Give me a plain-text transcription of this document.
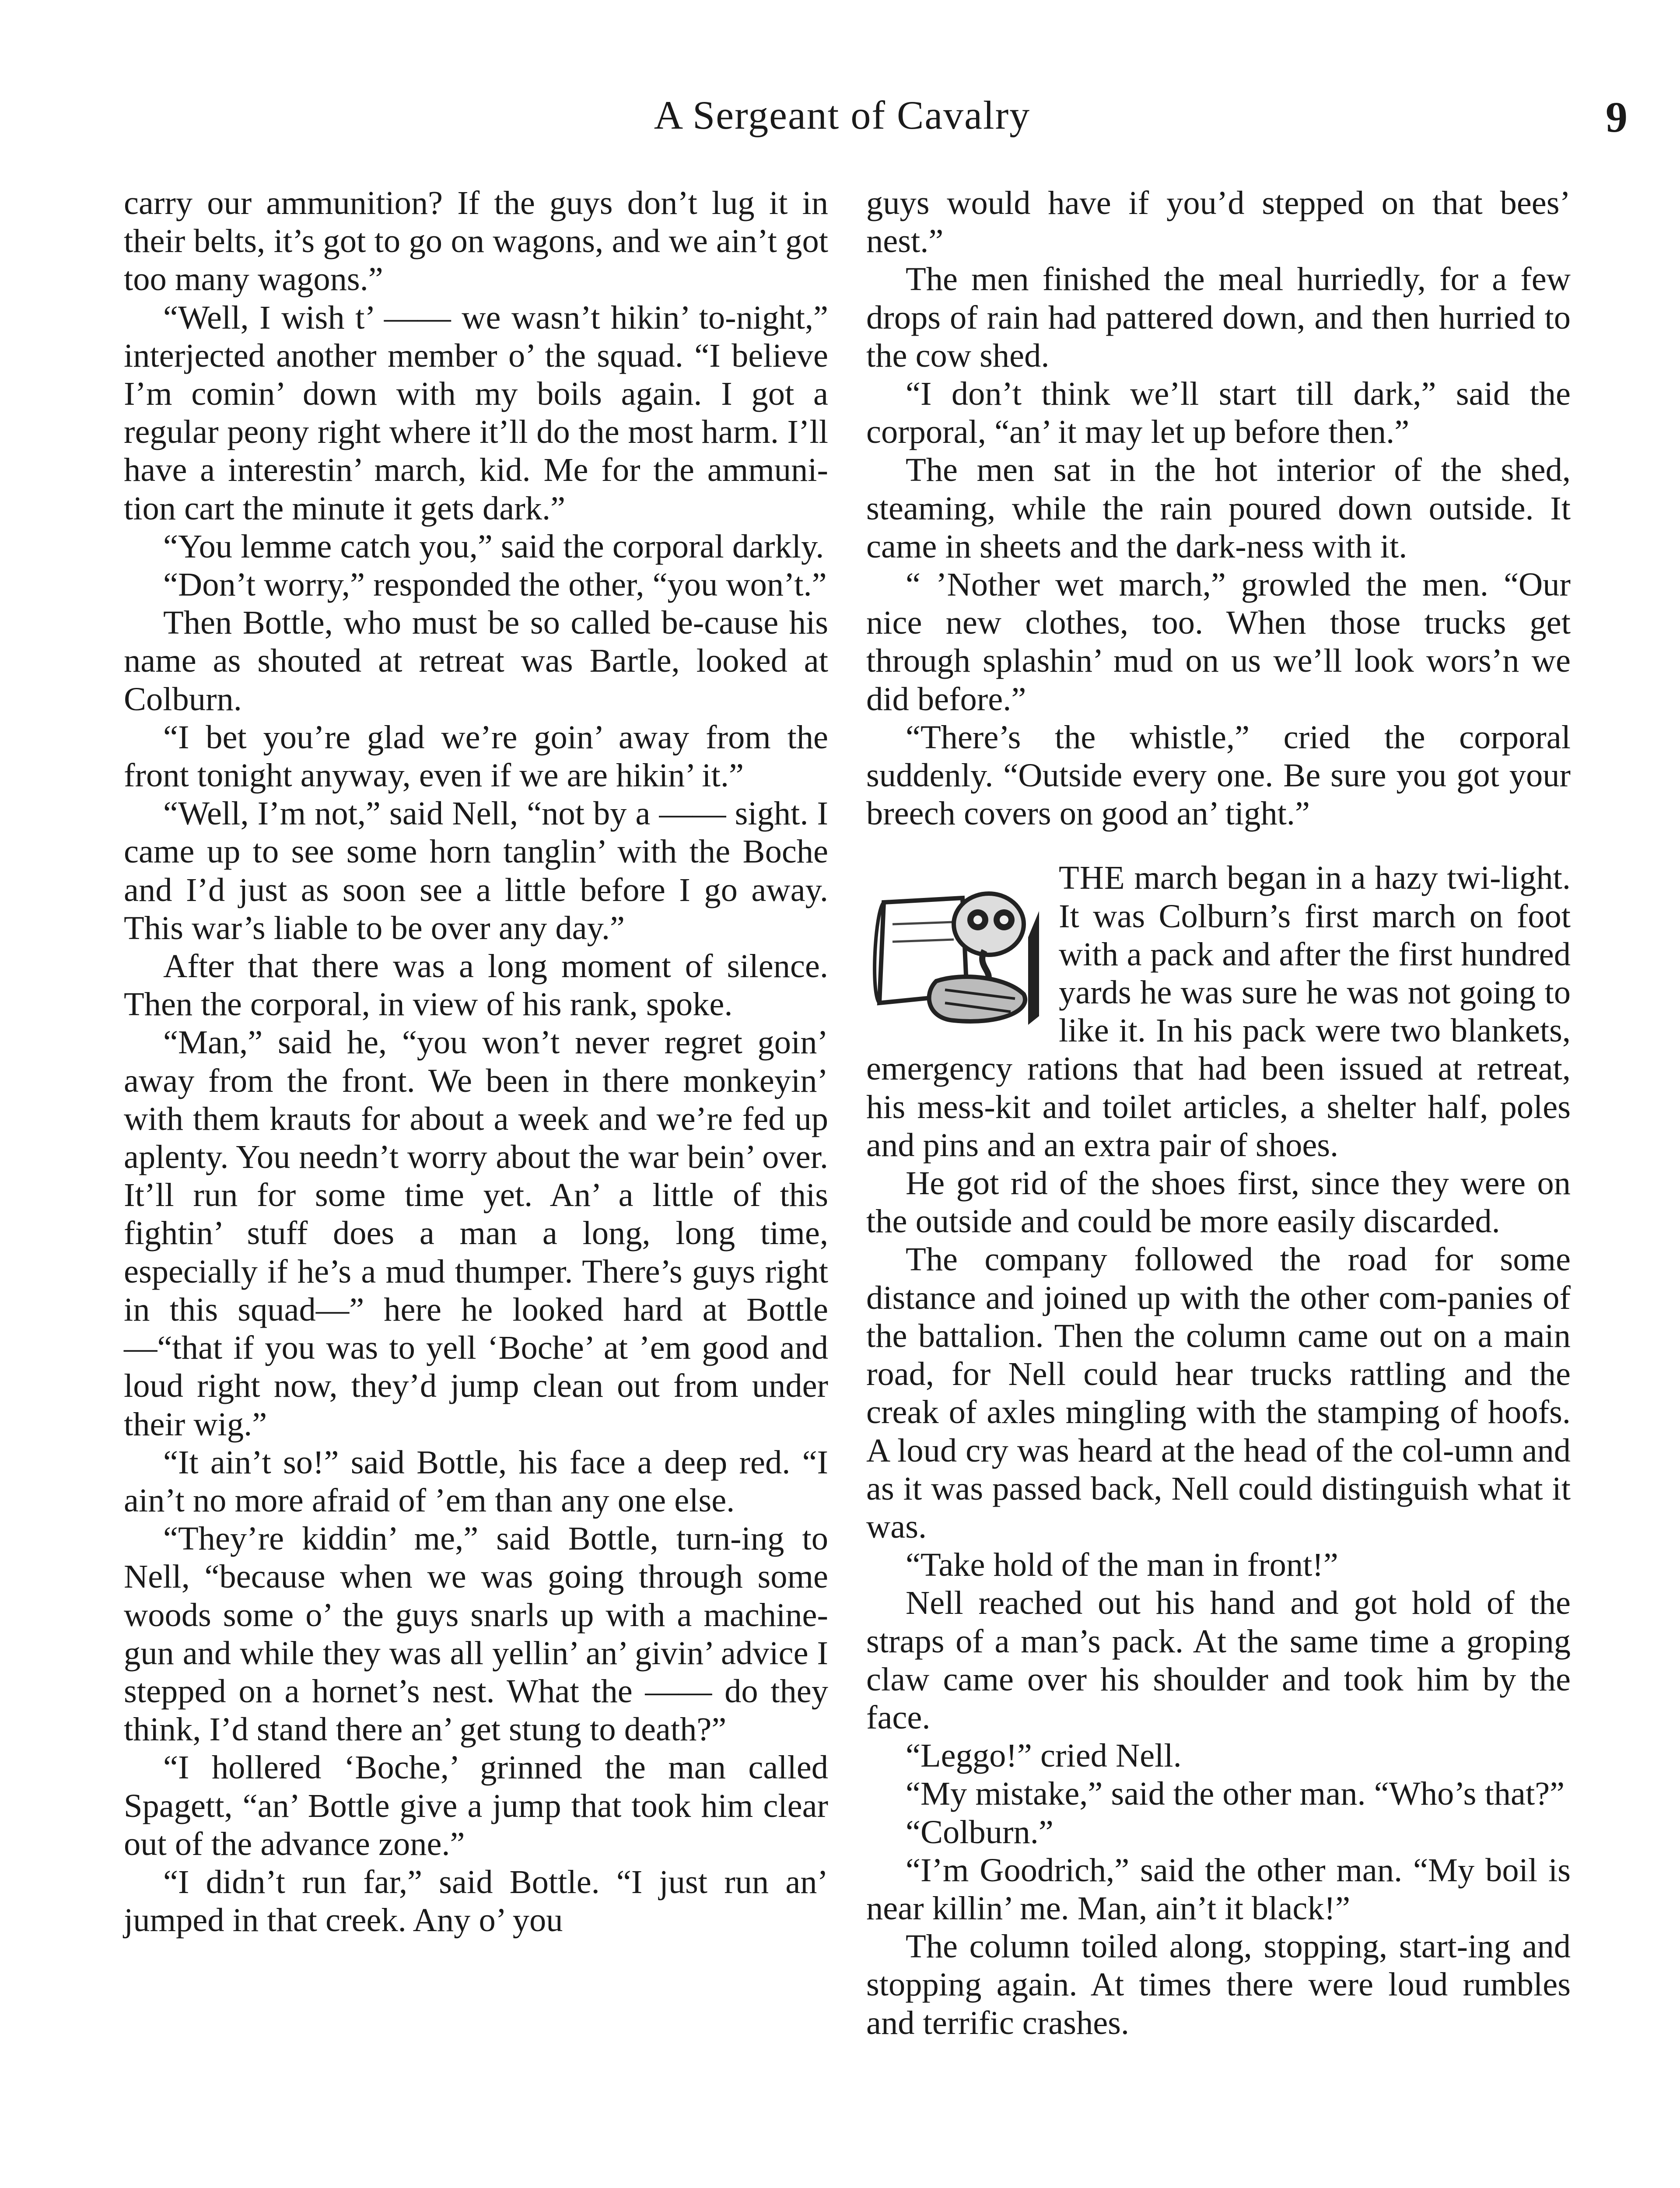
A Sergeant of Cavalry	9

carry our ammunition? If the guys don’t lug it in their belts, it’s got to go on wagons, and we ain’t got too many wagons.”

“Well, I wish t’ —— we wasn’t hikin’ to-night,” interjected another member o’ the squad. “I believe I’m comin’ down with my boils again. I got a regular peony right where it’ll do the most harm. I’ll have a interestin’ march, kid. Me for the ammuni-tion cart the minute it gets dark.”

“You lemme catch you,” said the corporal darkly.

“Don’t worry,” responded the other, “you won’t.”

Then Bottle, who must be so called be-cause his name as shouted at retreat was Bartle, looked at Colburn.

“I bet you’re glad we’re goin’ away from the front tonight anyway, even if we are hikin’ it.”

“Well, I’m not,” said Nell, “not by a —— sight. I came up to see some horn tanglin’ with the Boche and I’d just as soon see a little before I go away. This war’s liable to be over any day.”

After that there was a long moment of silence. Then the corporal, in view of his rank, spoke.

“Man,” said he, “you won’t never regret goin’ away from the front. We been in there monkeyin’ with them krauts for about a week and we’re fed up aplenty. You needn’t worry about the war bein’ over. It’ll run for some time yet. An’ a little of this fightin’ stuff does a man a long, long time, especially if he’s a mud thumper. There’s guys right in this squad—” here he looked hard at Bottle—“that if you was to yell ‘Boche’ at ’em good and loud right now, they’d jump clean out from under their wig.”

“It ain’t so!” said Bottle, his face a deep red. “I ain’t no more afraid of ’em than any one else.

“They’re kiddin’ me,” said Bottle, turn-ing to Nell, “because when we was going through some woods some o’ the guys snarls up with a machine-gun and while they was all yellin’ an’ givin’ advice I stepped on a hornet’s nest. What the —— do they think, I’d stand there an’ get stung to death?”

“I hollered ‘Boche,’ grinned the man called Spagett, “an’ Bottle give a jump that took him clear out of the advance zone.”

“I didn’t run far,” said Bottle. “I just run an’ jumped in that creek. Any o’ you

guys would have if you’d stepped on that bees’ nest.”

The men finished the meal hurriedly, for a few drops of rain had pattered down, and then hurried to the cow shed.

“I don’t think we’ll start till dark,” said the corporal, “an’ it may let up before then.”

The men sat in the hot interior of the shed, steaming, while the rain poured down outside. It came in sheets and the dark-ness with it.

“ ’Nother wet march,” growled the men. “Our nice new clothes, too. When those trucks get through splashin’ mud on us we’ll look wors’n we did before.”

“There’s the whistle,” cried the corporal suddenly. “Outside every one. Be sure you got your breech covers on good an’ tight.”

THE march began in a hazy twi-light. It was Colburn’s first march on foot with a pack and after the first hundred yards he was sure he was not going to like it. In his pack were two blankets, emergency rations that had been issued at retreat, his mess-kit and toilet articles, a shelter half, poles and pins and an extra pair of shoes.

He got rid of the shoes first, since they were on the outside and could be more easily discarded.

The company followed the road for some distance and joined up with the other com-panies of the battalion. Then the column came out on a main road, for Nell could hear trucks rattling and the creak of axles mingling with the stamping of hoofs. A loud cry was heard at the head of the col-umn and as it was passed back, Nell could distinguish what it was.

“Take hold of the man in front!”

Nell reached out his hand and got hold of the straps of a man’s pack. At the same time a groping claw came over his shoulder and took him by the face.

“Leggo!” cried Nell.

“My mistake,” said the other man. “Who’s that?”

“Colburn.”

“I’m Goodrich,” said the other man. “My boil is near killin’ me. Man, ain’t it black!”

The column toiled along, stopping, start-ing and stopping again. At times there were loud rumbles and terrific crashes.
